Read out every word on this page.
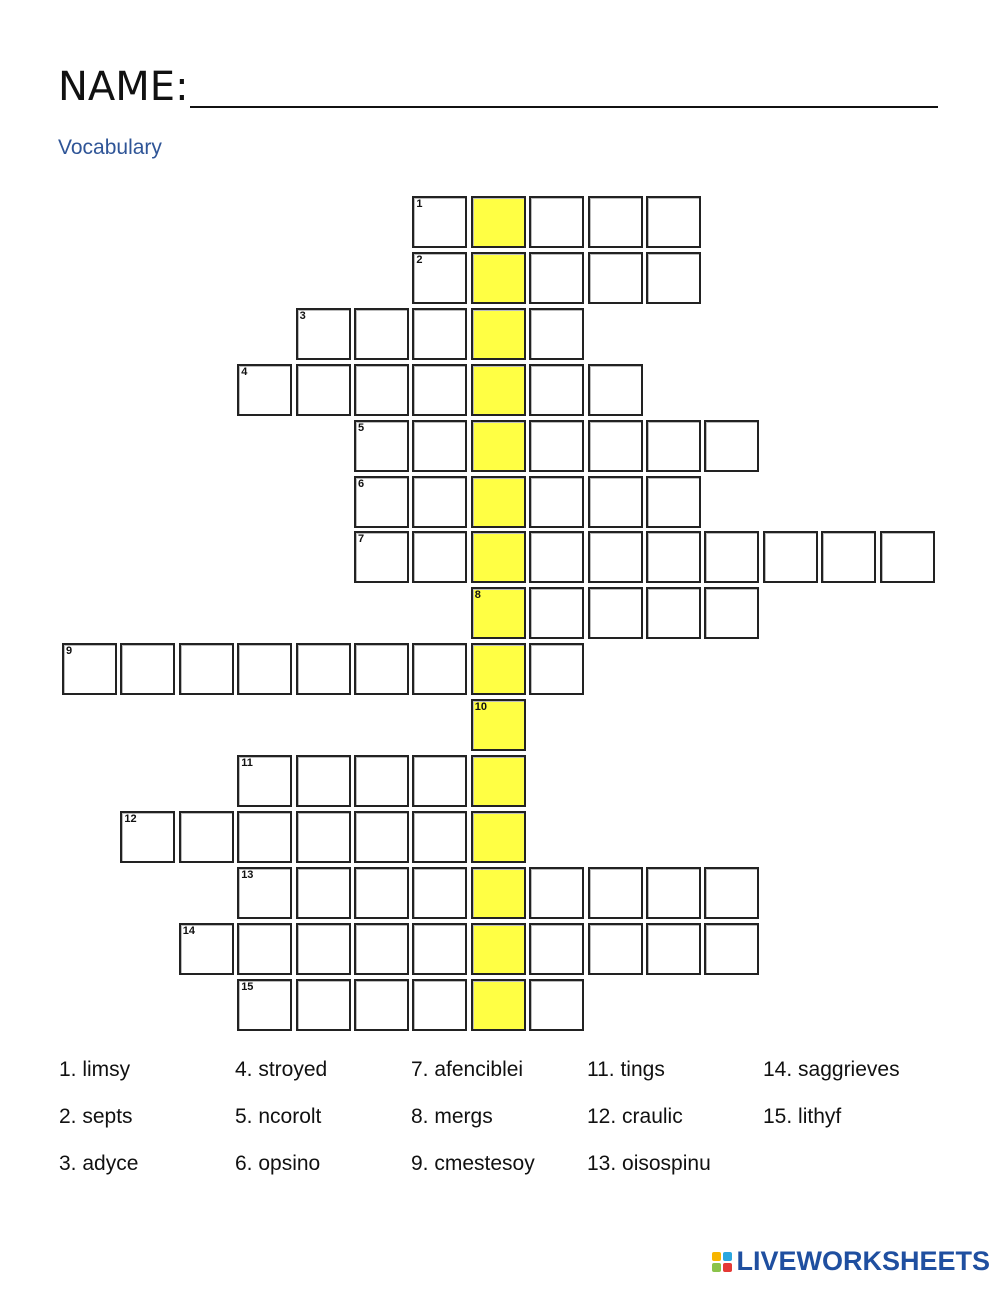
NAME:
Vocabulary
1
2
3
4
5
6
7
8
9
10
11
12
13
14
15
1. limsy
2. septs
3. adyce
4. stroyed
5. ncorolt
6. opsino
7. afenciblei
8. mergs
9. cmestesoy
11. tings
12. craulic
13. oisospinu
14. saggrieves
15. lithyf
LIVEWORKSHEETS
